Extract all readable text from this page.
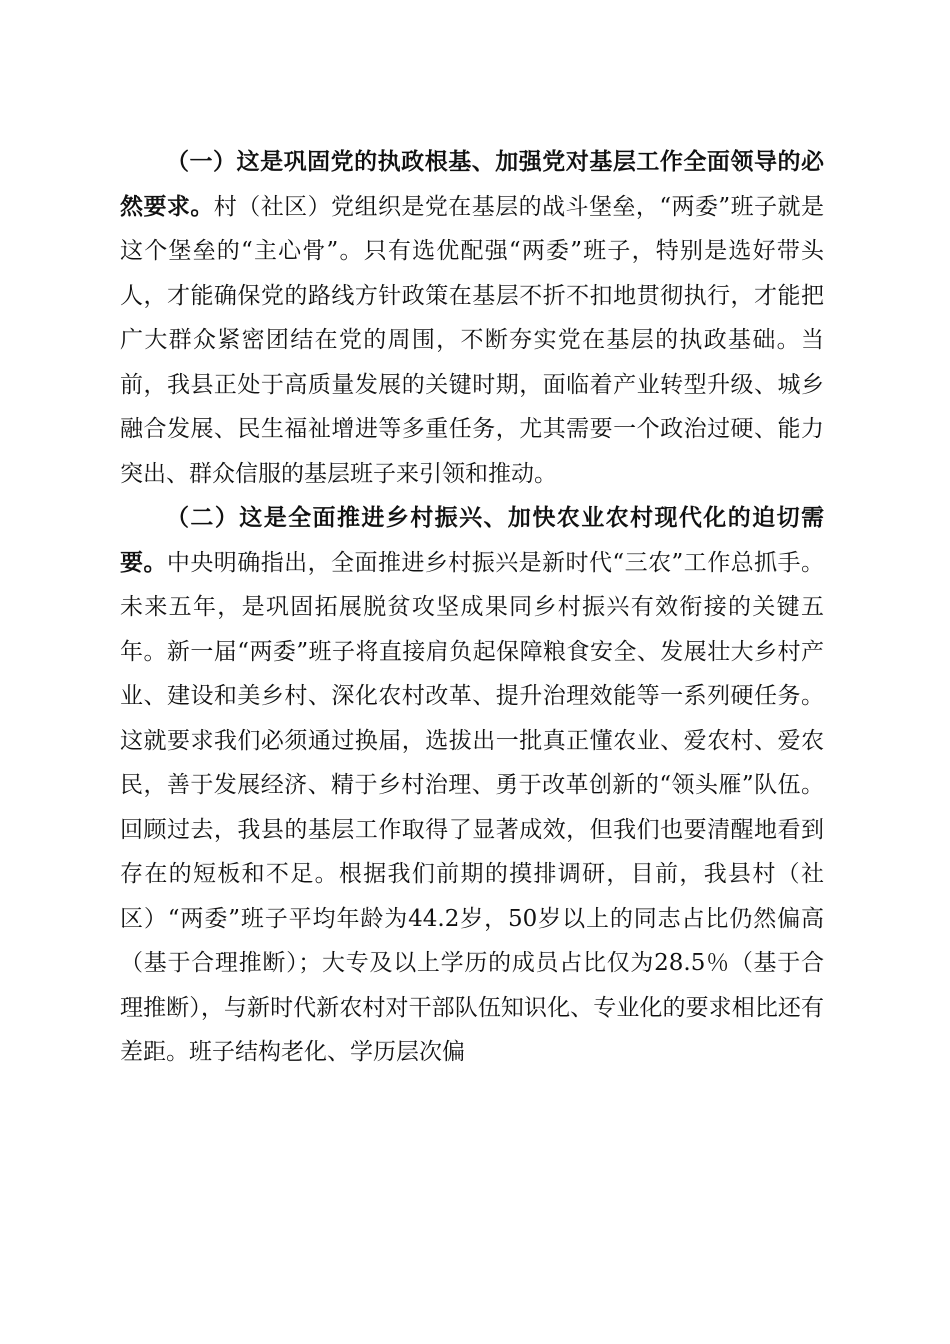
（一）这是巩固党的执政根基、加强党对基层工作全面领导的必然要求。村（社区）党组织是党在基层的战斗堡垒，“两委”班子就是这个堡垒的“主心骨”。只有选优配强“两委”班子，特别是选好带头人，才能确保党的路线方针政策在基层不折不扣地贯彻执行，才能把广大群众紧密团结在党的周围，不断夯实党在基层的执政基础。当前，我县正处于高质量发展的关键时期，面临着产业转型升级、城乡融合发展、民生福祉增进等多重任务，尤其需要一个政治过硬、能力突出、群众信服的基层班子来引领和推动。

（二）这是全面推进乡村振兴、加快农业农村现代化的迫切需要。中央明确指出，全面推进乡村振兴是新时代“三农”工作总抓手。未来五年，是巩固拓展脱贫攻坚成果同乡村振兴有效衔接的关键五年。新一届“两委”班子将直接肩负起保障粮食安全、发展壮大乡村产业、建设和美乡村、深化农村改革、提升治理效能等一系列硬任务。这就要求我们必须通过换届，选拔出一批真正懂农业、爱农村、爱农民，善于发展经济、精于乡村治理、勇于改革创新的“领头雁”队伍。回顾过去，我县的基层工作取得了显著成效，但我们也要清醒地看到存在的短板和不足。根据我们前期的摸排调研，目前，我县村（社区）“两委”班子平均年龄为44.2岁，50岁以上的同志占比仍然偏高（基于合理推断）；大专及以上学历的成员占比仅为28.5％（基于合理推断），与新时代新农村对干部队伍知识化、专业化的要求相比还有差距。班子结构老化、学历层次偏
